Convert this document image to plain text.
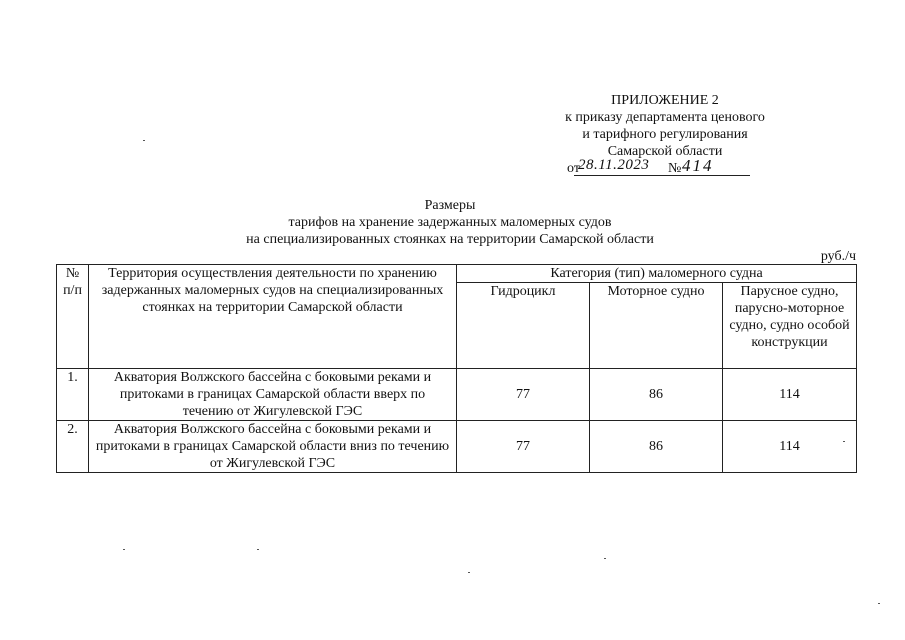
ПРИЛОЖЕНИЕ 2
к приказу департамента ценового
и тарифного регулирования
Самарской области
от
28.11.2023 № 414
Размеры
тарифов на хранение задержанных маломерных судов
на специализированных стоянках на территории Самарской области
руб./ч
№ п/п	Территория осуществления деятельности по хранению задержанных маломерных судов на специализированных стоянках на территории Самарской области	Категория (тип) маломерного судна		
		Гидроцикл	Моторное судно	Парусное судно, парусно-моторное судно, судно особой конструкции
1.	Акватория Волжского бассейна с боковыми реками и притоками в границах Самарской области вверх по течению от Жигулевской ГЭС	77	86	114
2.	Акватория Волжского бассейна с боковыми реками и притоками в границах Самарской области вниз по течению от Жигулевской ГЭС	77	86	114
